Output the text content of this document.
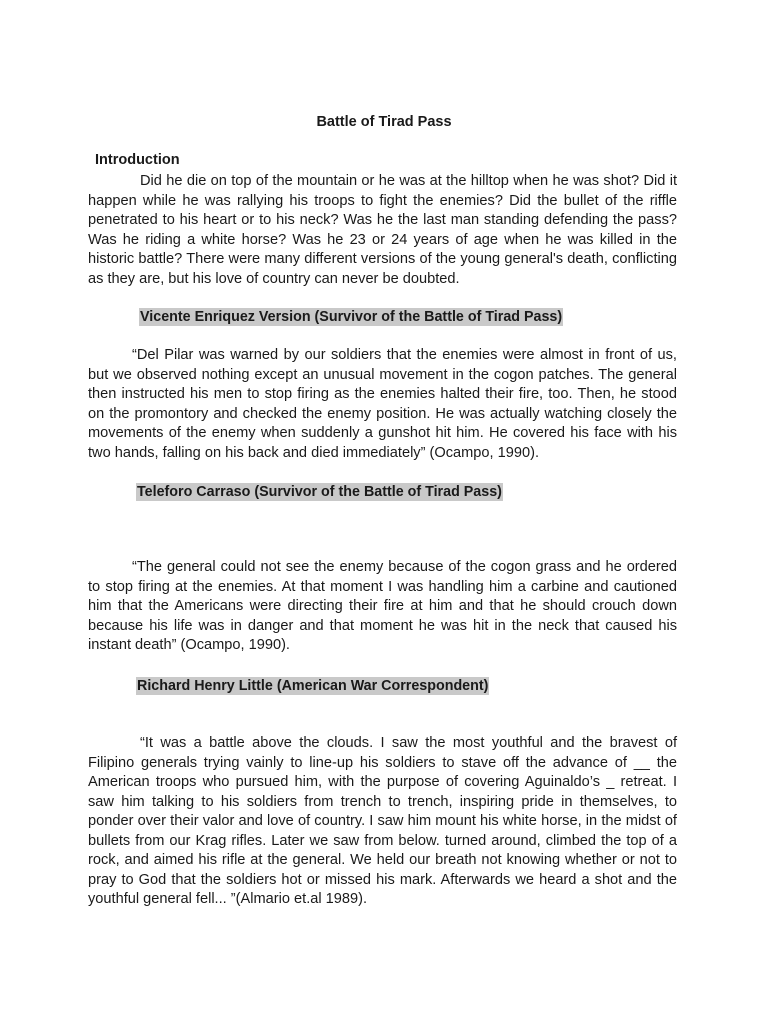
Battle of Tirad Pass
Introduction
Did he die on top of the mountain or he was at the hilltop when he was shot? Did it happen while he was rallying his troops to fight the enemies? Did the bullet of the riffle penetrated to his heart or to his neck? Was he the last man standing defending the pass? Was he riding a white horse? Was he 23 or 24 years of age when he was killed in the historic battle? There were many different versions of the young general's death, conflicting as they are, but his love of country can never be doubted.
Vicente Enriquez Version (Survivor of the Battle of Tirad Pass)
“Del Pilar was warned by our soldiers that the enemies were almost in front of us, but we observed nothing except an unusual movement in the cogon patches. The general then instructed his men to stop firing as the enemies halted their fire, too. Then, he stood on the promontory and checked the enemy position. He was actually watching closely the movements of the enemy when suddenly a gunshot hit him. He covered his face with his two hands, falling on his back and died immediately” (Ocampo, 1990).
Teleforo Carraso (Survivor of the Battle of Tirad Pass)
“The general could not see the enemy because of the cogon grass and he ordered to stop firing at the enemies. At that moment I was handling him a carbine and cautioned him that the Americans were directing their fire at him and that he should crouch down because his life was in danger and that moment he was hit in the neck that caused his instant death” (Ocampo, 1990).
Richard Henry Little (American War Correspondent)
“It was a battle above the clouds. I saw the most youthful and the bravest of Filipino generals trying vainly to line-up his soldiers to stave off the advance of __ the American troops who pursued him, with the purpose of covering Aguinaldo’s _ retreat. I saw him talking to his soldiers from trench to trench, inspiring pride in themselves, to ponder over their valor and love of country. I saw him mount his white horse, in the midst of bullets from our Krag rifles. Later we saw from below. turned around, climbed the top of a rock, and aimed his rifle at the general. We held our breath not knowing whether or not to pray to God that the soldiers hot or missed his mark. Afterwards we heard a shot and the youthful general fell... ”(Almario et.al 1989).
